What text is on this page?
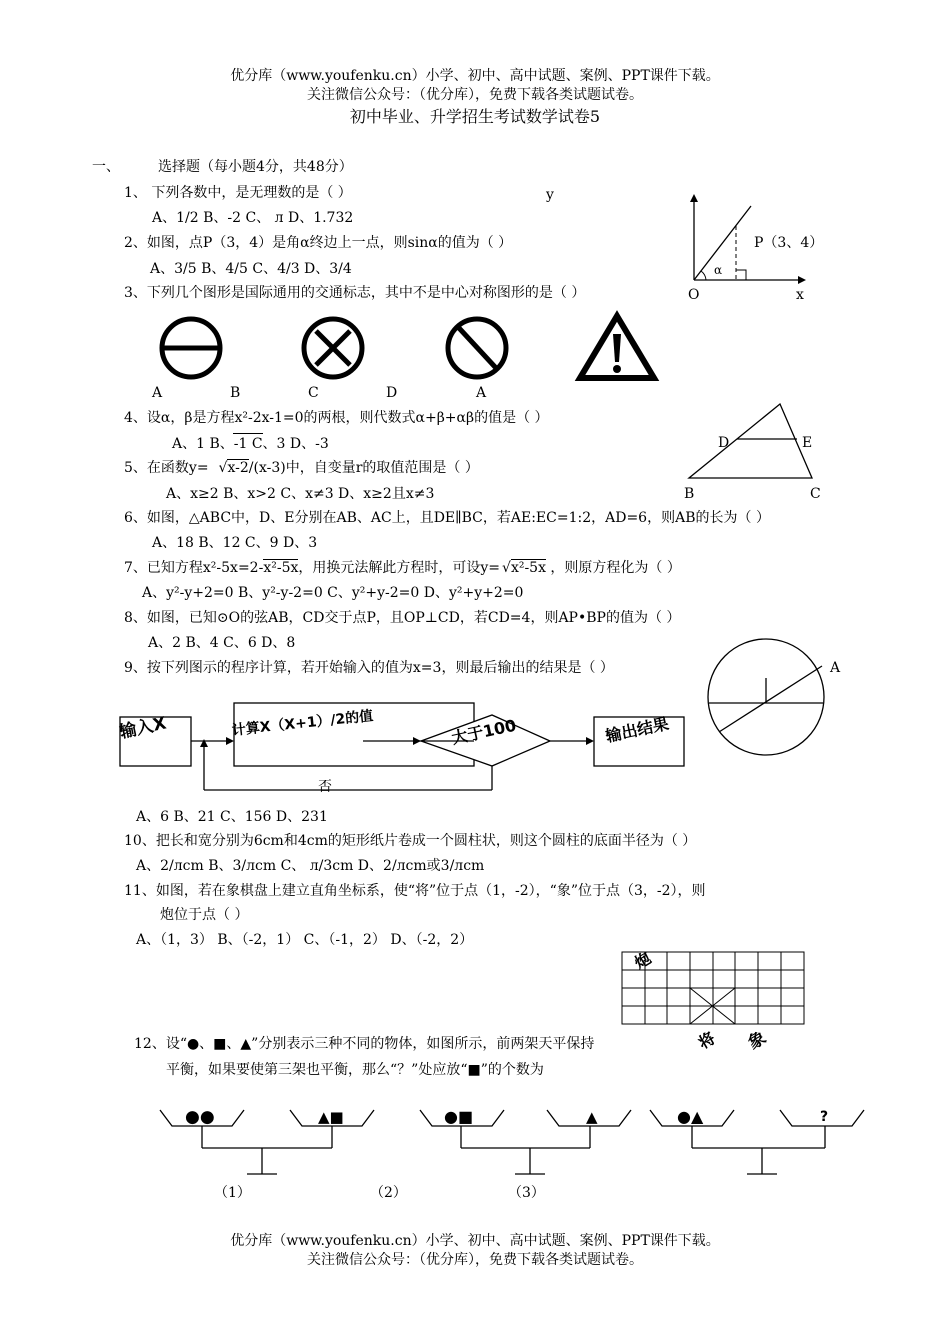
优分库（www.youfenku.cn）小学、初中、高中试题、案例、PPT课件下载。
关注微信公众号：（优分库），免费下载各类试题试卷。
初中毕业、升学招生考试数学试卷5
一、	选择题（每小题4分，共48分）
1、 下列各数中，是无理数的是（ ）
A、1/2 B、-2 C、 л D、1.732
2、如图，点P（3，4）是角α终边上一点，则sinα的值为（ ）
A、3/5 B、4/5 C、4/3 D、3/4
y
P（3、4）
α
O	x
3、下列几个图形是国际通用的交通标志，其中不是中心对称图形的是（ ）
A	B	C	D	A
4、设α，β是方程x²-2x-1=0的两根，则代数式α+β+αβ的值是（ ）
A、1 B、-1 C、3 D、-3	D	E
B	C
5、在函数y= √
x-2/(x-3)中，自变量r的取值范围是（ ）
A、x≥2 B、x>2 C、x≠3 D、x≥2且x≠3
6、如图，△ABC中，D、E分别在AB、AC上，且DE∥BC，若AE:EC=1:2，AD=6，则AB的长为（ ）
A、18 B、12 C、9 D、3
7、已知方程x²-5x=2-
x²-5x，用换元法解此方程时，可设y= √
x²-5x ，则原方程化为（ ）
A、y²-y+2=0 B、y²-y-2=0 C、y²+y-2=0 D、y²+y+2=0
8、如图，已知⊙O的弦AB，CD交于点P，且OP⊥CD，若CD=4，则AP•BP的值为（ ）
A、2 B、4 C、6 D、8
A
9、按下列图示的程序计算，若开始输入的值为x=3，则最后输出的结果是（ ）
输入X	计算X（X+1）/2的值	大于100	输出结果
否
A、6 B、21 C、156 D、231
10、把长和宽分别为6cm和4cm的矩形纸片卷成一个圆柱状，则这个圆柱的底面半径为（ ）
A、2/лcm B、3/лcm C、 л/3cm D、2/лcm或3/лcm
11、如图，若在象棋盘上建立直角坐标系，使“将”位于点（1，-2），“象”位于点（3，-2），则
炮位于点（ ）
A、（1，3） B、（-2，1） C、（-1，2） D、（-2，2）
炮
将 象
12、设“●、■、▲”分别表示三种不同的物体，如图所示，前两架天平保持
平衡，如果要使第三架也平衡，那么“？”处应放“■”的个数为
●●	▲■	●■	▲	●▲	?
（1）	（2）	（3）
优分库（www.youfenku.cn）小学、初中、高中试题、案例、PPT课件下载。
关注微信公众号：（优分库），免费下载各类试题试卷。
